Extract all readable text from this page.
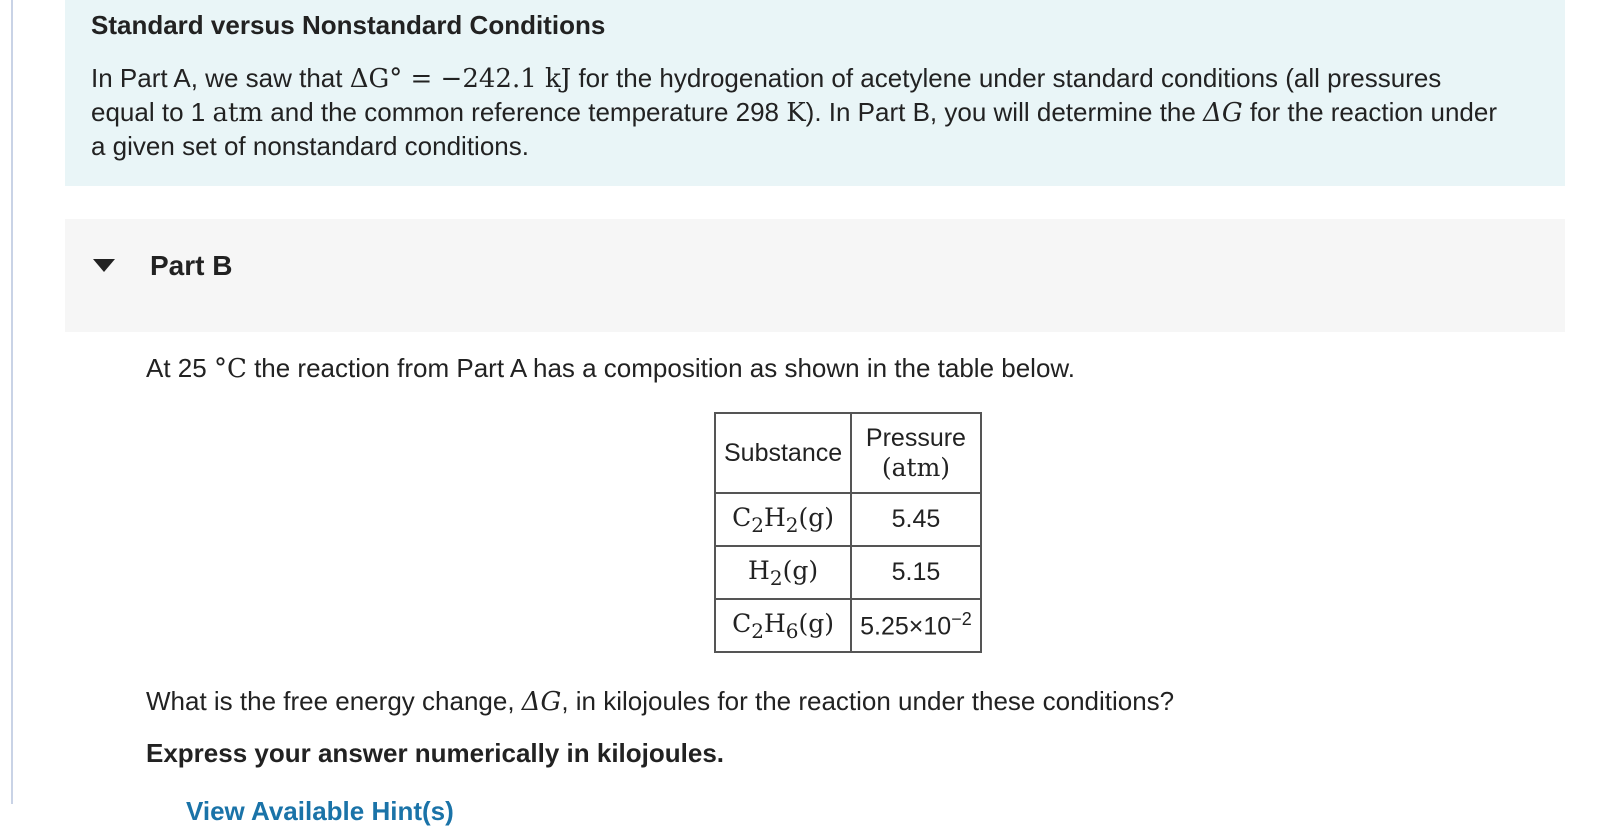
Standard versus Nonstandard Conditions

In Part A, we saw that ΔG° = −242.1 kJ for the hydrogenation of acetylene under standard conditions (all pressures
equal to 1 atm and the common reference temperature 298 K). In Part B, you will determine the ΔG for the reaction under
a given set of nonstandard conditions.

Part B
At 25 °C the reaction from Part A has a composition as shown in the table below.
Substance	Pressure
(atm)

$C_2H_2(g)$	5.45
$H_2(g)$	5.15
$C_2H_6(g)$	$5.25\times 10^{-2}$
What is the free energy change, ΔG, in kilojoules for the reaction under these conditions?
Express your answer numerically in kilojoules.
View Available Hint(s)
